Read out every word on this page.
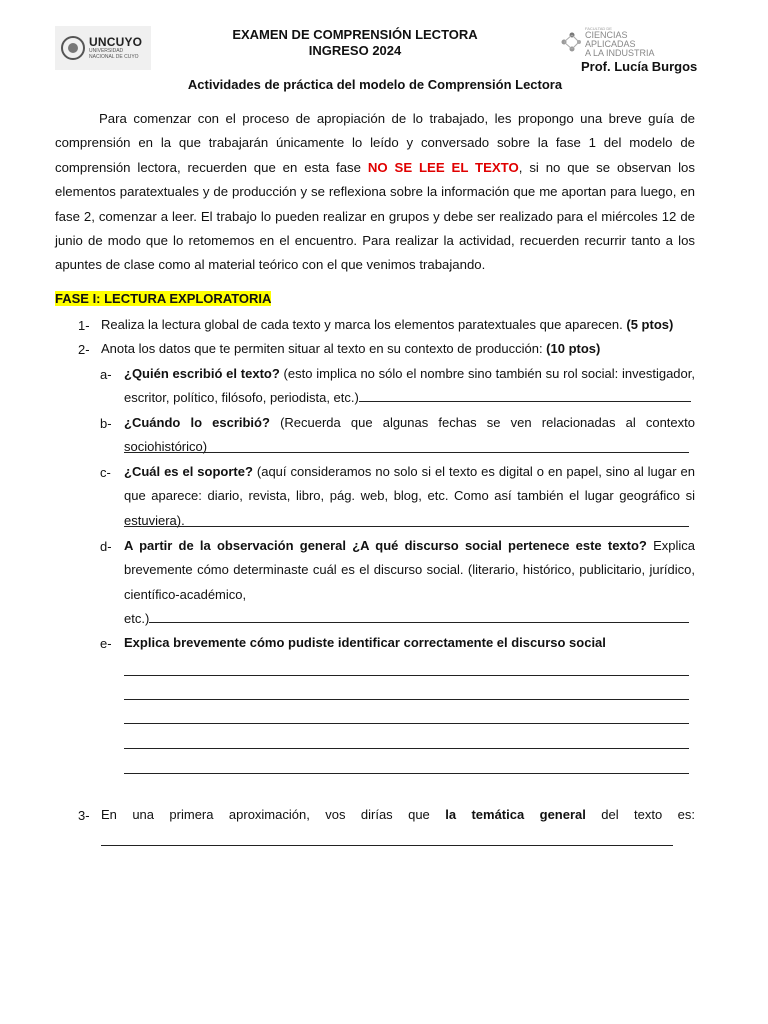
UNCUYO
UNIVERSIDAD
NACIONAL DE CUYO
EXAMEN DE COMPRENSIÓN LECTORA
INGRESO 2024
FACULTAD DE
CIENCIAS APLICADAS
A LA INDUSTRIA
Prof. Lucía Burgos
Actividades de práctica del modelo de Comprensión Lectora

Para comenzar con el proceso de apropiación de lo trabajado, les propongo una breve guía de comprensión en la que trabajarán únicamente lo leído y conversado sobre la fase 1 del modelo de comprensión lectora, recuerden que en esta fase NO SE LEE EL TEXTO, si no que se observan los elementos paratextuales y de producción y se reflexiona sobre la información que me aportan para luego, en fase 2, comenzar a leer. El trabajo lo pueden realizar en grupos y debe ser realizado para el miércoles 12 de junio de modo que lo retomemos en el encuentro. Para realizar la actividad, recuerden recurrir tanto a los apuntes de clase como al material teórico con el que venimos trabajando.

FASE I: LECTURA EXPLORATORIA
1- Realiza la lectura global de cada texto y marca los elementos paratextuales que aparecen. (5 ptos)
2- Anota los datos que te permiten situar al texto en su contexto de producción: (10 ptos)
a- ¿Quién escribió el texto? (esto implica no sólo el nombre sino también su rol social: investigador, escritor, político, filósofo, periodista, etc.)

b- ¿Cuándo lo escribió? (Recuerda que algunas fechas se ven relacionadas al contexto sociohistórico)

c- ¿Cuál es el soporte? (aquí consideramos no solo si el texto es digital o en papel, sino al lugar en que aparece: diario, revista, libro, pág. web, blog, etc. Como así también el lugar geográfico si estuviera).

d- A partir de la observación general ¿A qué discurso social pertenece este texto? Explica brevemente cómo determinaste cuál es el discurso social. (literario, histórico, publicitario, jurídico, científico-académico,

etc.)

e- Explica brevemente cómo pudiste identificar correctamente el discurso social

3- En una primera aproximación, vos dirías que la temática general del texto es:
